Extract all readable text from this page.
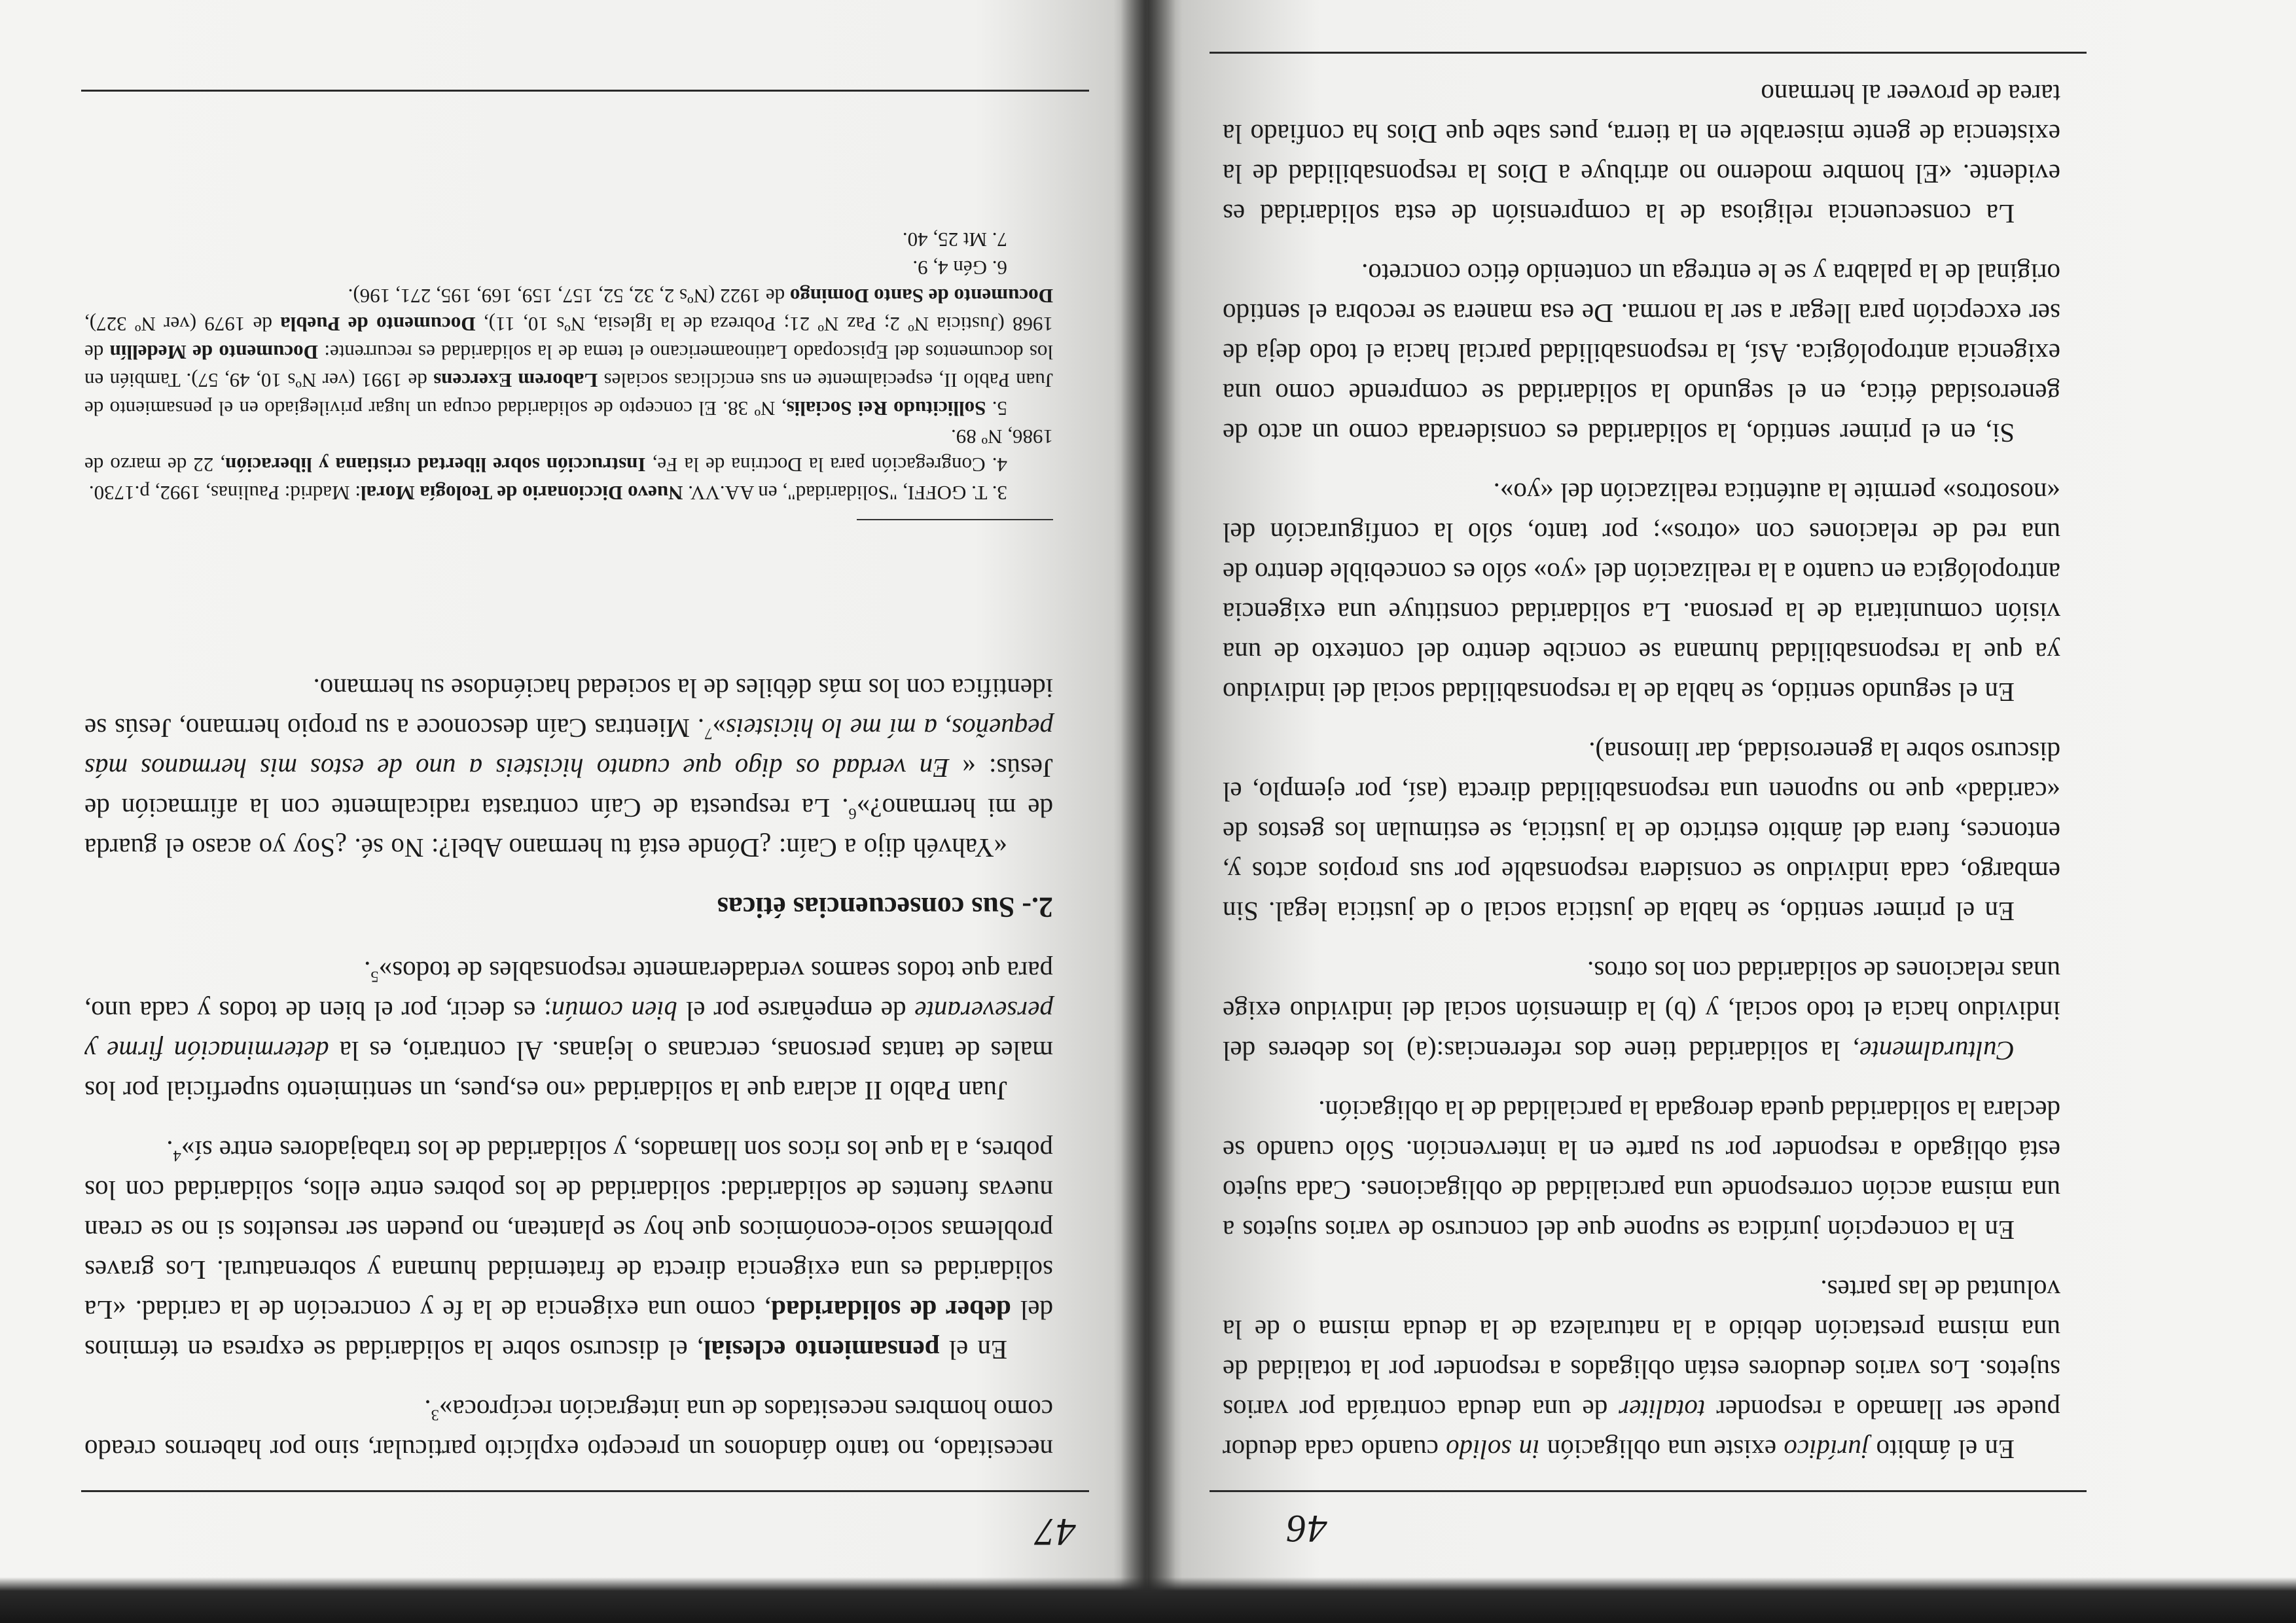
46

En el ámbito jurídico existe una obligación in solido cuando cada deudor puede ser llamado a responder totaliter de una deuda contraída por varios sujetos. Los varios deudores están obligados a responder por la totalidad de una misma prestación debido a la naturaleza de la deuda misma o de la voluntad de las partes.

En la concepción jurídica se supone que del concurso de varios sujetos a una misma acción corresponde una parcialidad de obligaciones. Cada sujeto está obligado a responder por su parte en la intervención. Sólo cuando se declara la solidaridad queda derogada la parcialidad de la obligación.

Culturalmente, la solidaridad tiene dos referencias:(a) los deberes del individuo hacia el todo social, y (b) la dimensión social del individuo exige unas relaciones de solidaridad con los otros.

En el primer sentido, se habla de justicia social o de justicia legal. Sin embargo, cada individuo se considera responsable por sus propios actos y, entonces, fuera del ámbito estricto de la justicia, se estimulan los gestos de «caridad» que no suponen una responsabilidad directa (así, por ejemplo, el discurso sobre la generosidad, dar limosna).

En el segundo sentido, se habla de la responsabilidad social del individuo ya que la responsabilidad humana se concibe dentro del contexto de una visión comunitaria de la persona. La solidaridad constituye una exigencia antropológica en cuanto a la realización del «yo» sólo es concebible dentro de una red de relaciones con «otros»; por tanto, sólo la configuración del «nosotros» permite la auténtica realización del «yo».

Si, en el primer sentido, la solidaridad es considerada como un acto de generosidad ética, en el segundo la solidaridad se comprende como una exigencia antropológica. Así, la responsabilidad parcial hacia el todo deja de ser excepción para llegar a ser la norma. De esa manera se recobra el sentido original de la palabra y se le entrega un contenido ético concreto.

La consecuencia religiosa de la comprensión de esta solidaridad es evidente. «El hombre moderno no atribuye a Dios la responsabilidad de la existencia de gente miserable en la tierra, pues sabe que Dios ha confiado la tarea de proveer al hermano

47

necesitado, no tanto dándonos un precepto explícito particular, sino por habernos creado como hombres necesitados de una integración recíproca»$^3$.

En el pensamiento eclesial, el discurso sobre la solidaridad se expresa en términos del deber de solidaridad, como una exigencia de la fe y concreción de la caridad. «La solidaridad es una exigencia directa de fraternidad humana y sobrenatural. Los graves problemas socio-económicos que hoy se plantean, no pueden ser resueltos si no se crean nuevas fuentes de solidaridad: solidaridad de los pobres entre ellos, solidaridad con los pobres, a la que los ricos son llamados, y solidaridad de los trabajadores entre sí»$^4$.

Juan Pablo II aclara que la solidaridad «no es,pues, un sentimiento superficial por los males de tantas personas, cercanas o lejanas. Al contrario, es la determinación firme y perseverante de empeñarse por el bien común; es decir, por el bien de todos y cada uno, para que todos seamos verdaderamente responsables de todos»$^5$.

2.- Sus consecuencias éticas

«Yahvéh dijo a Caín: ¿Dónde está tu hermano Abel?: No sé. ¿Soy yo acaso el guarda de mi hermano?»$^6$. La respuesta de Caín contrasta radicalmente con la afirmación de Jesús: « En verdad os digo que cuanto hicisteis a uno de estos mis hermanos más pequeños, a mí me lo hicisteis»$^7$. Mientras Caín desconoce a su propio hermano, Jesús se identifica con los más débiles de la sociedad haciéndose su hermano.

3. T. GOFFI, "Solidaridad", en AA.VV. Nuevo Diccionario de Teología Moral: Madrid: Paulinas, 1992, p.1730.

4. Congregación para la Doctrina de la Fe, Instrucción sobre libertad cristiana y liberación, 22 de marzo de 1986, Nº 89.

5. Sollicitudo Rei Socialis, Nº 38. El concepto de solidaridad ocupa un lugar privilegiado en el pensamiento de Juan Pablo II, especialmente en sus encíclicas sociales Laborem Exercens de 1991 (ver Nºs 10, 49, 57). También en los documentos del Episcopado Latinoamericano el tema de la solidaridad es recurrente: Documento de Medellín de 1968 (Justicia Nº 2; Paz Nº 21; Pobreza de la Iglesia, Nºs 10, 11), Documento de Puebla de 1979 (ver Nº 327), Documento de Santo Domingo de 1922 (Nºs 2, 32, 52, 157, 159, 169, 195, 271, 196).

6. Gén 4, 9.

7. Mt 25, 40.
